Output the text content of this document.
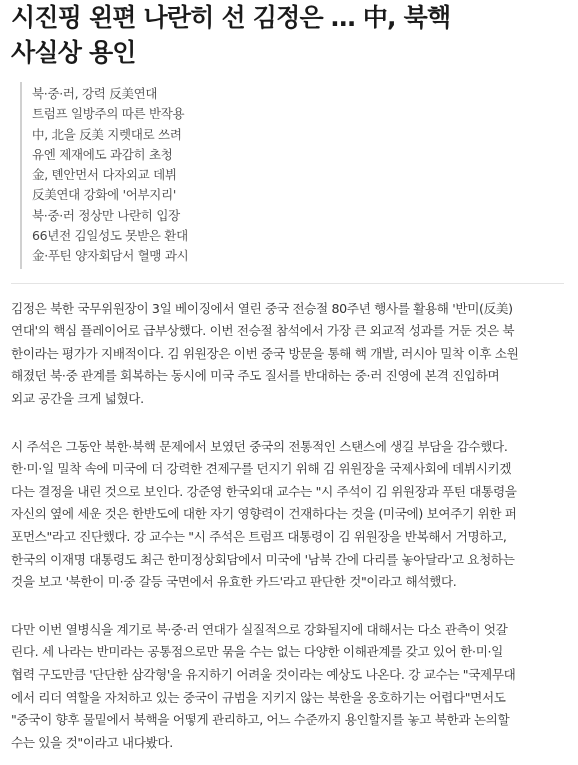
시진핑 왼편 나란히 선 김정은 … 中, 북핵
사실상 용인
북·중·러, 강력 反美연대
트럼프 일방주의 따른 반작용
中, 北을 反美 지렛대로 쓰려
유엔 제재에도 과감히 초청
金, 톈안먼서 다자외교 데뷔
反美연대 강화에 '어부지리'
북·중·러 정상만 나란히 입장
66년전 김일성도 못받은 환대
金·푸틴 양자회담서 혈맹 과시

김정은 북한 국무위원장이 3일 베이징에서 열린 중국 전승절 80주년 행사를 활용해 '반미(反美)
연대'의 핵심 플레이어로 급부상했다. 이번 전승절 참석에서 가장 큰 외교적 성과를 거둔 것은 북
한이라는 평가가 지배적이다. 김 위원장은 이번 중국 방문을 통해 핵 개발, 러시아 밀착 이후 소원
해졌던 북·중 관계를 회복하는 동시에 미국 주도 질서를 반대하는 중·러 진영에 본격 진입하며
외교 공간을 크게 넓혔다.

시 주석은 그동안 북한·북핵 문제에서 보였던 중국의 전통적인 스탠스에 생길 부담을 감수했다.
한·미·일 밀착 속에 미국에 더 강력한 견제구를 던지기 위해 김 위원장을 국제사회에 데뷔시키겠
다는 결정을 내린 것으로 보인다. 강준영 한국외대 교수는 "시 주석이 김 위원장과 푸틴 대통령을
자신의 옆에 세운 것은 한반도에 대한 자기 영향력이 건재하다는 것을 (미국에) 보여주기 위한 퍼
포먼스"라고 진단했다. 강 교수는 "시 주석은 트럼프 대통령이 김 위원장을 반복해서 거명하고,
한국의 이재명 대통령도 최근 한미정상회담에서 미국에 '남북 간에 다리를 놓아달라'고 요청하는
것을 보고 '북한이 미·중 갈등 국면에서 유효한 카드'라고 판단한 것"이라고 해석했다.

다만 이번 열병식을 계기로 북·중·러 연대가 실질적으로 강화될지에 대해서는 다소 관측이 엇갈
린다. 세 나라는 반미라는 공통점으로만 묶을 수는 없는 다양한 이해관계를 갖고 있어 한·미·일
협력 구도만큼 '단단한 삼각형'을 유지하기 어려울 것이라는 예상도 나온다. 강 교수는 "국제무대
에서 리더 역할을 자처하고 있는 중국이 규범을 지키지 않는 북한을 옹호하기는 어렵다"면서도
"중국이 향후 물밑에서 북핵을 어떻게 관리하고, 어느 수준까지 용인할지를 놓고 북한과 논의할
수는 있을 것"이라고 내다봤다.
